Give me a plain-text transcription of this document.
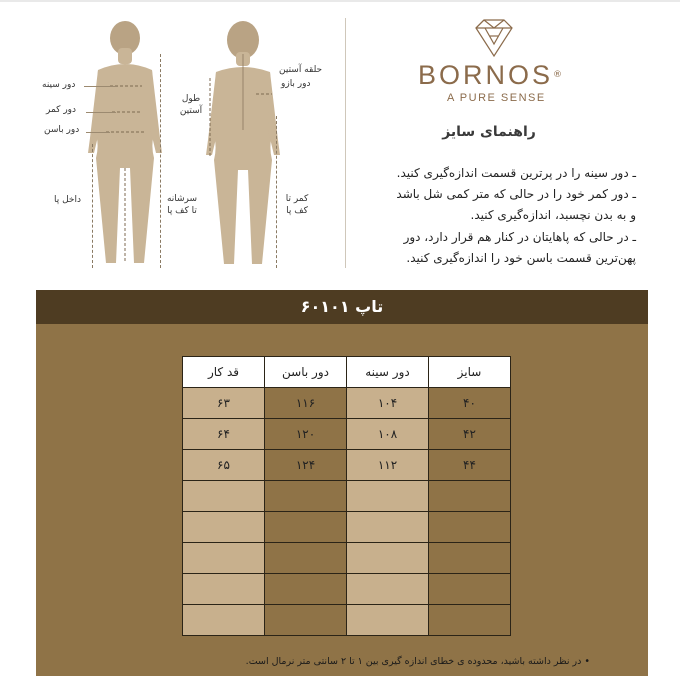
دور سینه
دور کمر
دور باسن
داخل پا	سرشانه تا کف پا
حلقه آستین
دور بازو
طول آستین
کمر تا کف پا
BORNOS®
A PURE SENSE
راهنمای سایز
ـ دور سینه را در پرترین قسمت اندازه‌گیری کنید.
ـ دور کمر خود را در حالی که متر کمی شل باشد
و به بدن نچسبد، اندازه‌گیری کنید.
ـ در حالی که پاهایتان در کنار هم قرار دارد، دور
پهن‌ترین قسمت باسن خود را اندازه‌گیری کنید.
تاپ ۶۰۱۰۱
قد کار	دور باسن	دور سینه	سایز
۶۳	۱۱۶	۱۰۴	۴۰
۶۴	۱۲۰	۱۰۸	۴۲
۶۵	۱۲۴	۱۱۲	۴۴

• در نظر داشته باشید، محدوده ی خطای اندازه گیری بین ۱ تا ۲ سانتی متر نرمال است.
